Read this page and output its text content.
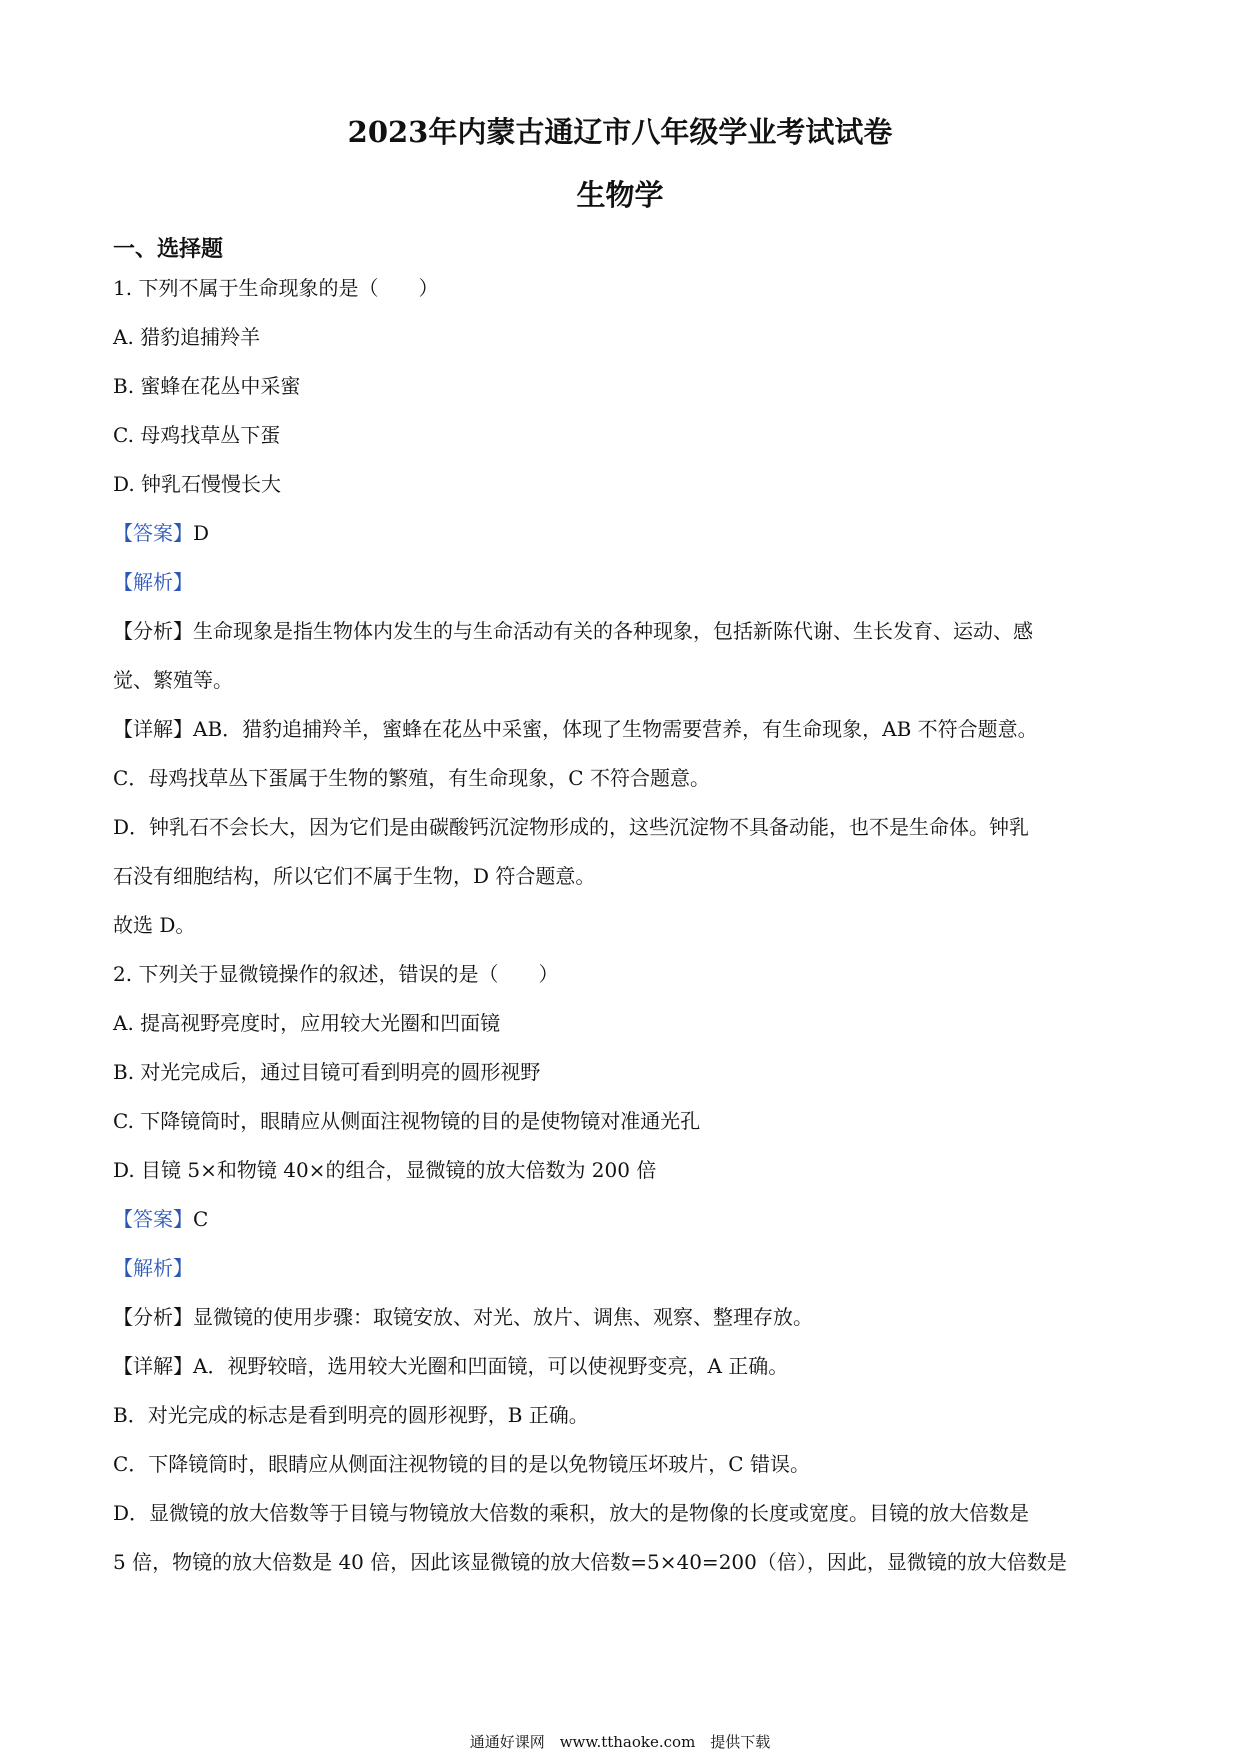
2023年内蒙古通辽市八年级学业考试试卷
生物学
一、选择题
1. 下列不属于生命现象的是（　　）
A. 猎豹追捕羚羊
B. 蜜蜂在花丛中采蜜
C. 母鸡找草丛下蛋
D. 钟乳石慢慢长大
【答案】D
【解析】
【分析】生命现象是指生物体内发生的与生命活动有关的各种现象，包括新陈代谢、生长发育、运动、感
觉、繁殖等。
【详解】AB．猎豹追捕羚羊，蜜蜂在花丛中采蜜，体现了生物需要营养，有生命现象，AB 不符合题意。
C．母鸡找草丛下蛋属于生物的繁殖，有生命现象，C 不符合题意。
D．钟乳石不会长大，因为它们是由碳酸钙沉淀物形成的，这些沉淀物不具备动能，也不是生命体。钟乳
石没有细胞结构，所以它们不属于生物，D 符合题意。
故选 D。
2. 下列关于显微镜操作的叙述，错误的是（　　）
A. 提高视野亮度时，应用较大光圈和凹面镜
B. 对光完成后，通过目镜可看到明亮的圆形视野
C. 下降镜筒时，眼睛应从侧面注视物镜的目的是使物镜对准通光孔
D. 目镜 5×和物镜 40×的组合，显微镜的放大倍数为 200 倍
【答案】C
【解析】
【分析】显微镜的使用步骤：取镜安放、对光、放片、调焦、观察、整理存放。
【详解】A．视野较暗，选用较大光圈和凹面镜，可以使视野变亮，A 正确。
B．对光完成的标志是看到明亮的圆形视野，B 正确。
C．下降镜筒时，眼睛应从侧面注视物镜的目的是以免物镜压坏玻片，C 错误。
D．显微镜的放大倍数等于目镜与物镜放大倍数的乘积，放大的是物像的长度或宽度。目镜的放大倍数是
5 倍，物镜的放大倍数是 40 倍，因此该显微镜的放大倍数=5×40=200（倍），因此，显微镜的放大倍数是
通通好课网　www.tthaoke.com　提供下载
